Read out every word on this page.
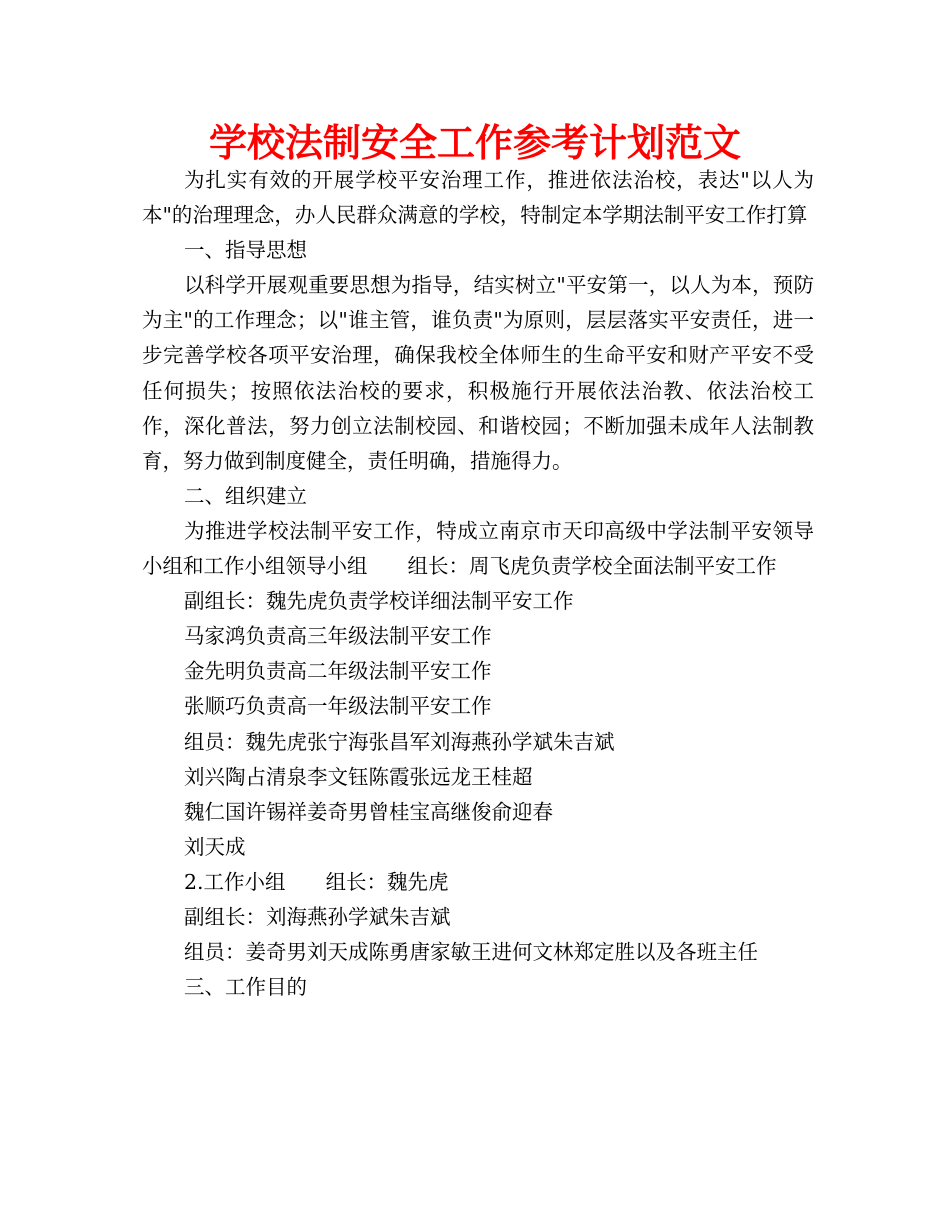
学校法制安全工作参考计划范文

为扎实有效的开展学校平安治理工作，推进依法治校，表达"以人为本"的治理理念，办人民群众满意的学校，特制定本学期法制平安工作打算

一、指导思想

以科学开展观重要思想为指导，结实树立"平安第一，以人为本，预防为主"的工作理念；以"谁主管，谁负责"为原则，层层落实平安责任，进一步完善学校各项平安治理，确保我校全体师生的生命平安和财产平安不受任何损失；按照依法治校的要求，积极施行开展依法治教、依法治校工作，深化普法，努力创立法制校园、和谐校园；不断加强未成年人法制教育，努力做到制度健全，责任明确，措施得力。

二、组织建立

为推进学校法制平安工作，特成立南京市天印高级中学法制平安领导小组和工作小组领导小组 组长：周飞虎负责学校全面法制平安工作

副组长：魏先虎负责学校详细法制平安工作

马家鸿负责高三年级法制平安工作

金先明负责高二年级法制平安工作

张顺巧负责高一年级法制平安工作

组员：魏先虎张宁海张昌军刘海燕孙学斌朱吉斌

刘兴陶占清泉李文钰陈霞张远龙王桂超

魏仁国许锡祥姜奇男曾桂宝高继俊俞迎春

刘天成

2.工作小组 组长：魏先虎

副组长：刘海燕孙学斌朱吉斌

组员：姜奇男刘天成陈勇唐家敏王进何文林郑定胜以及各班主任

三、工作目的
